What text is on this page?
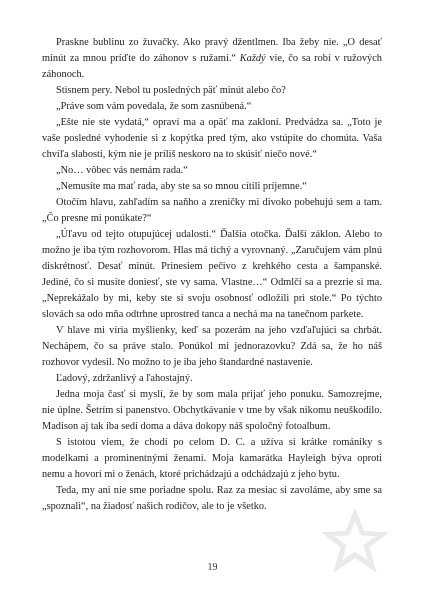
Praskne bublinu zo žuvačky. Ako pravý džentlmen. Iba žeby nie. „O desať minút za mnou príďte do záhonov s ružami.“ Každý vie, čo sa robí v ružových záhonoch.

Stisnem pery. Nebol tu posledných päť minút alebo čo?

„Práve som vám povedala, že som zasnúbená.“

„Ešte nie ste vydatá,“ opraví ma a opäť ma zakloní. Predvádza sa. „Toto je vaše posledné vyhodenie si z kopýtka pred tým, ako vstúpite do chomúta. Vaša chvíľa slabosti, kým nie je príliš neskoro na to skúsiť niečo nové.“

„No… vôbec vás nemám rada.“

„Nemusíte ma mať rada, aby ste sa so mnou cítili príjemne.“

Otočím hlavu, zahľadím sa naňho a zreničky mi divoko pobehujú sem a tam. „Čo presne mi ponúkate?“

„Úľavu od tejto otupujúcej udalosti.“ Ďalšia otočka. Ďalší záklon. Alebo to možno je iba tým rozhovorom. Hlas má tichý a vyrovnaný. „Zaručujem vám plnú diskrétnosť. Desať minút. Prinesiem pečivo z krehkého cesta a šampanské. Jediné, čo si musíte doniesť, ste vy sama. Vlastne…“ Odmlčí sa a prezrie si ma. „Neprekážalo by mi, keby ste si svoju osobnosť odložili pri stole.“ Po týchto slovách sa odo mňa odtrhne uprostred tanca a nechá ma na tanečnom parkete.

V hlave mi víria myšlienky, keď sa pozerám na jeho vzďaľujúci sa chrbát. Nechápem, čo sa práve stalo. Ponúkol mi jednorazovku? Zdá sa, že ho náš rozhovor vydesil. No možno to je iba jeho štandardné nastavenie.

Ľadový, zdržanlivý a ľahostajný.

Jedna moja časť si myslí, že by som mala prijať jeho ponuku. Samozrejme, nie úplne. Šetrím si panenstvo. Obchytkávanie v tme by však nikomu neuškodilo. Madison aj tak iba sedí doma a dáva dokopy náš spoločný fotoalbum.

S istotou viem, že chodí po celom D. C. a užíva si krátke romániky s modelkami a prominentnými ženami. Moja kamarátka Hayleigh býva oproti nemu a hovorí mi o ženách, ktoré prichádzajú a odchádzajú z jeho bytu.

Teda, my ani nie sme poriadne spolu. Raz za mesiac si zavoláme, aby sme sa „spoznali“, na žiadosť našich rodičov, ale to je všetko.

19
